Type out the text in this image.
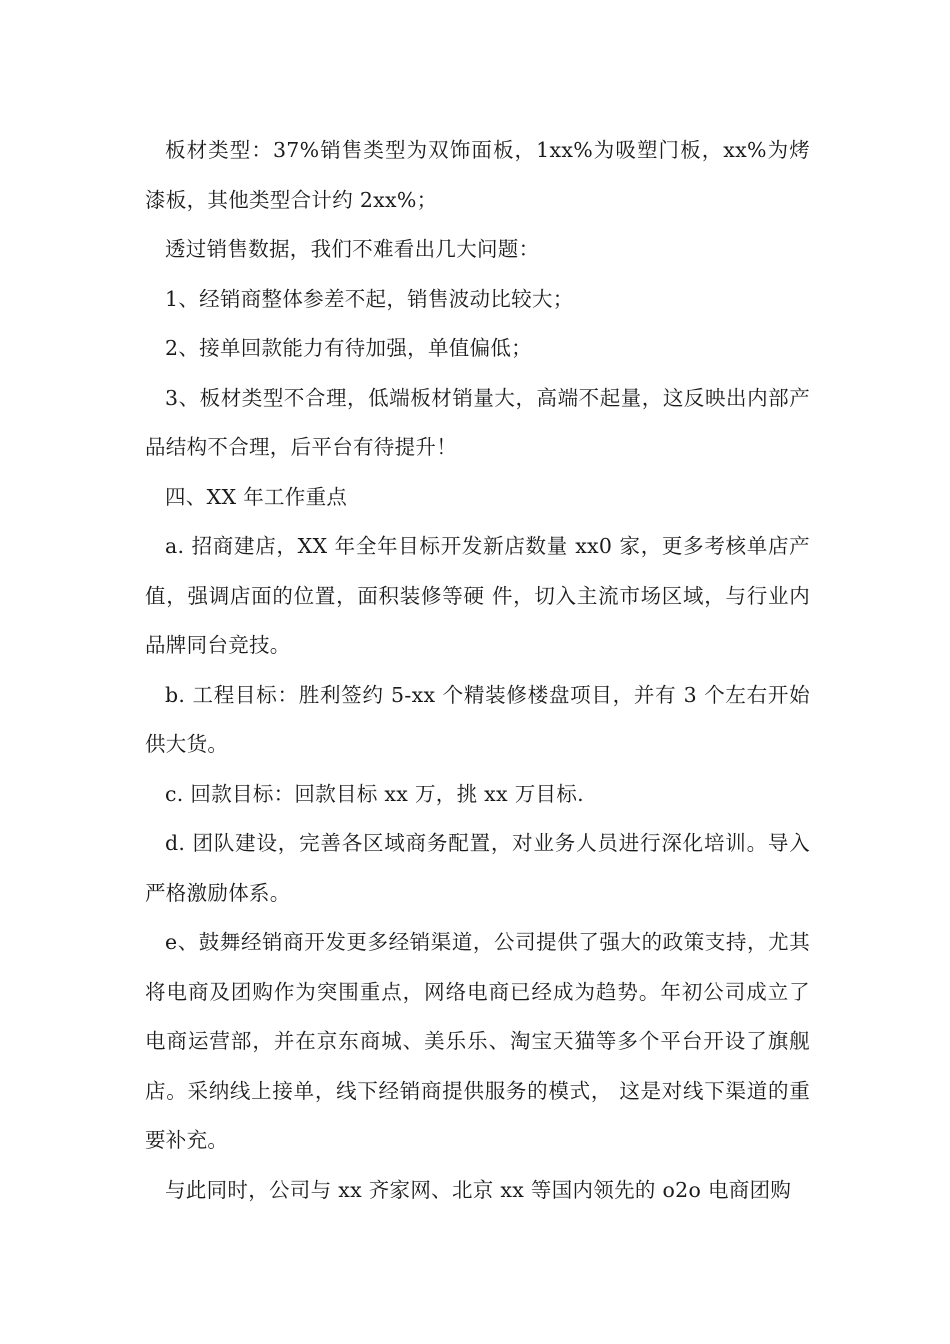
板材类型：37%销售类型为双饰面板，1xx%为吸塑门板，xx%为烤漆板，其他类型合计约 2xx%；

透过销售数据，我们不难看出几大问题：

1、经销商整体参差不起，销售波动比较大；

2、接单回款能力有待加强，单值偏低；

3、板材类型不合理，低端板材销量大，高端不起量，这反映出内部产品结构不合理，后平台有待提升！

四、XX 年工作重点

a. 招商建店，XX 年全年目标开发新店数量 xx0 家，更多考核单店产值，强调店面的位置，面积装修等硬 件，切入主流市场区域，与行业内品牌同台竞技。

b. 工程目标：胜利签约 5-xx 个精装修楼盘项目，并有 3 个左右开始供大货。

c. 回款目标：回款目标 xx 万，挑 xx 万目标.

d. 团队建设，完善各区域商务配置，对业务人员进行深化培训。导入严格激励体系。

e、鼓舞经销商开发更多经销渠道，公司提供了强大的政策支持，尤其将电商及团购作为突围重点，网络电商已经成为趋势。年初公司成立了电商运营部，并在京东商城、美乐乐、淘宝天猫等多个平台开设了旗舰店。采纳线上接单，线下经销商提供服务的模式， 这是对线下渠道的重要补充。

与此同时，公司与 xx 齐家网、北京 xx 等国内领先的 o2o 电商团购
